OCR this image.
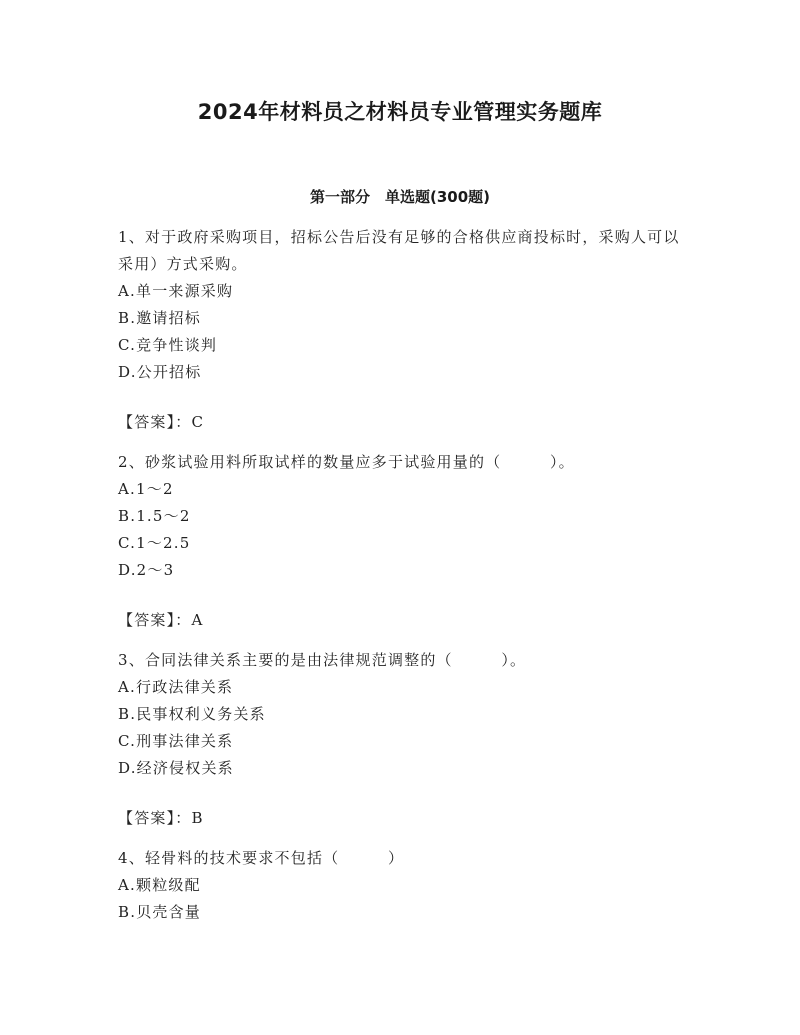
2024年材料员之材料员专业管理实务题库
第一部分　单选题(300题)

1、对于政府采购项目，招标公告后没有足够的合格供应商投标时，采购人可以采用）方式采购。

A.单一来源采购

B.邀请招标

C.竞争性谈判

D.公开招标

【答案】：C

2、砂浆试验用料所取试样的数量应多于试验用量的（　　　）。

A.1～2

B.1.5～2

C.1～2.5

D.2～3

【答案】：A

3、合同法律关系主要的是由法律规范调整的（　　　）。

A.行政法律关系

B.民事权利义务关系

C.刑事法律关系

D.经济侵权关系

【答案】：B

4、轻骨料的技术要求不包括（　　　）

A.颗粒级配

B.贝壳含量
